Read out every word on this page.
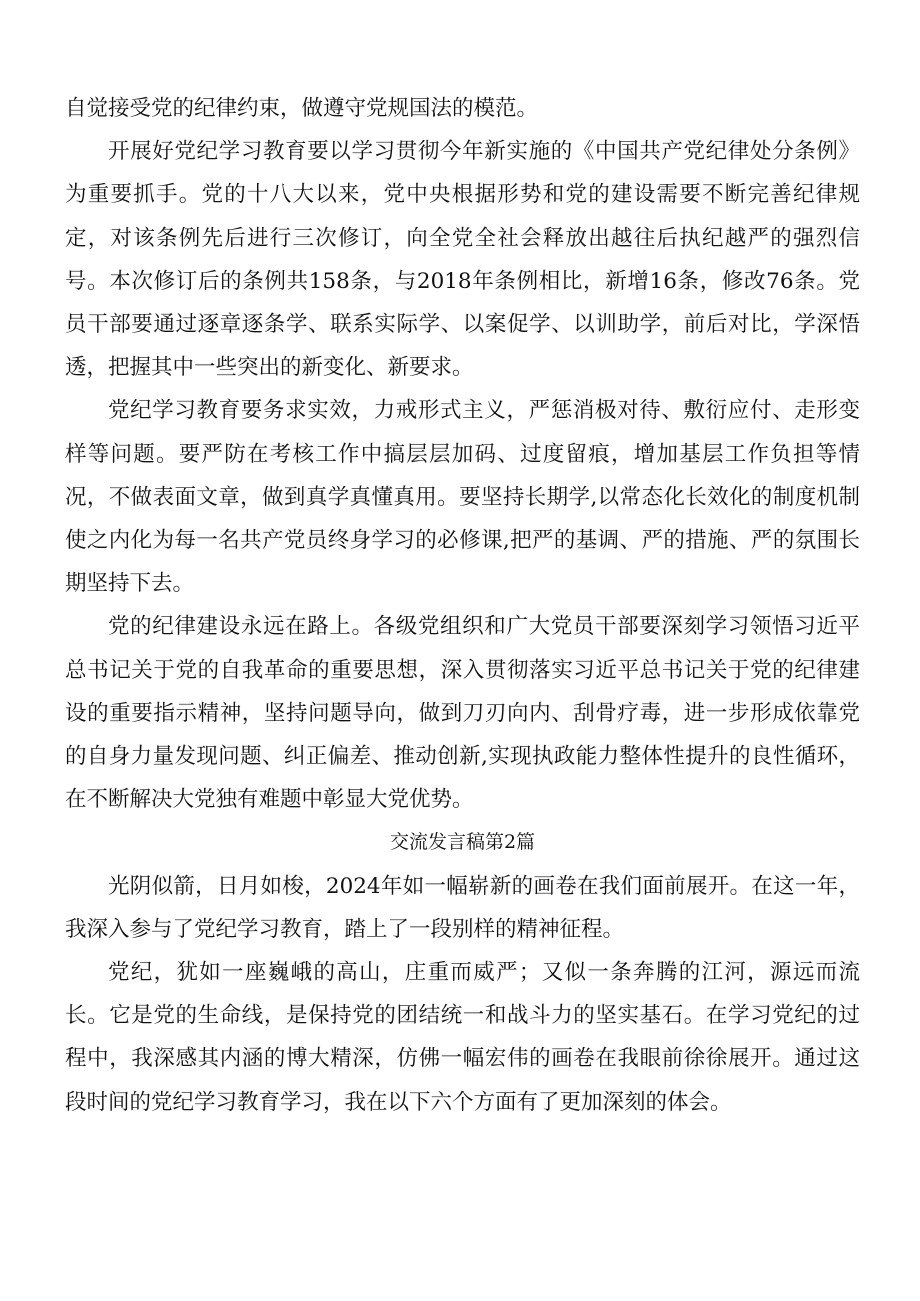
自觉接受党的纪律约束，做遵守党规国法的模范。

开展好党纪学习教育要以学习贯彻今年新实施的《中国共产党纪律处分条例》为重要抓手。党的十八大以来，党中央根据形势和党的建设需要不断完善纪律规定，对该条例先后进行三次修订，向全党全社会释放出越往后执纪越严的强烈信号。本次修订后的条例共158条，与2018年条例相比，新增16条，修改76条。党员干部要通过逐章逐条学、联系实际学、以案促学、以训助学，前后对比，学深悟透，把握其中一些突出的新变化、新要求。

党纪学习教育要务求实效，力戒形式主义，严惩消极对待、敷衍应付、走形变样等问题。要严防在考核工作中搞层层加码、过度留痕，增加基层工作负担等情况，不做表面文章，做到真学真懂真用。要坚持长期学,以常态化长效化的制度机制使之内化为每一名共产党员终身学习的必修课,把严的基调、严的措施、严的氛围长期坚持下去。

党的纪律建设永远在路上。各级党组织和广大党员干部要深刻学习领悟习近平总书记关于党的自我革命的重要思想，深入贯彻落实习近平总书记关于党的纪律建设的重要指示精神，坚持问题导向，做到刀刃向内、刮骨疗毒，进一步形成依靠党的自身力量发现问题、纠正偏差、推动创新,实现执政能力整体性提升的良性循环，在不断解决大党独有难题中彰显大党优势。

交流发言稿第2篇

光阴似箭，日月如梭，2024年如一幅崭新的画卷在我们面前展开。在这一年，我深入参与了党纪学习教育，踏上了一段别样的精神征程。

党纪，犹如一座巍峨的高山，庄重而威严；又似一条奔腾的江河，源远而流长。它是党的生命线，是保持党的团结统一和战斗力的坚实基石。在学习党纪的过程中，我深感其内涵的博大精深，仿佛一幅宏伟的画卷在我眼前徐徐展开。通过这段时间的党纪学习教育学习，我在以下六个方面有了更加深刻的体会。
